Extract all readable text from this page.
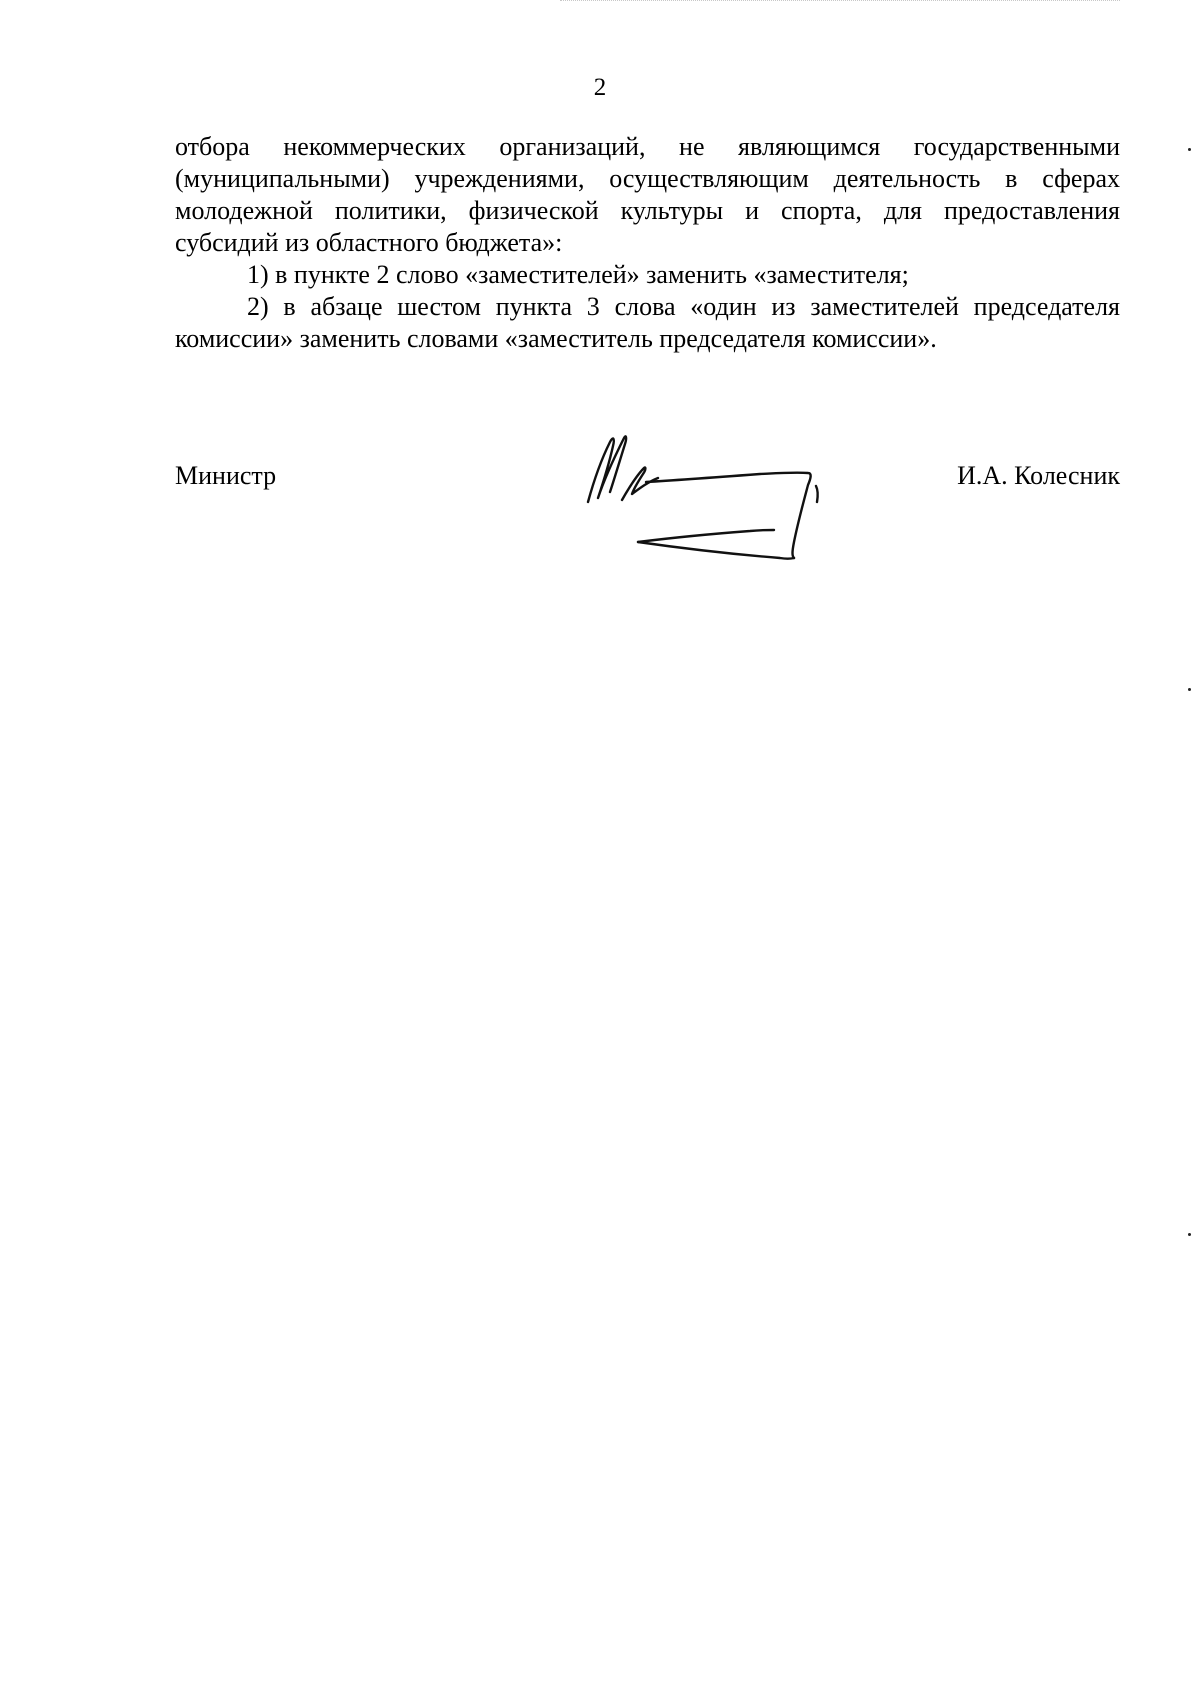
2

отбора некоммерческих организаций, не являющимся государственными (муниципальными) учреждениями, осуществляющим деятельность в сферах молодежной политики, физической культуры и спорта, для предоставления субсидий из областного бюджета»:

1) в пункте 2 слово «заместителей» заменить «заместителя;

2) в абзаце шестом пункта 3 слова «один из заместителей председателя комиссии» заменить словами «заместитель председателя комиссии».

Министр	И.А. Колесник
